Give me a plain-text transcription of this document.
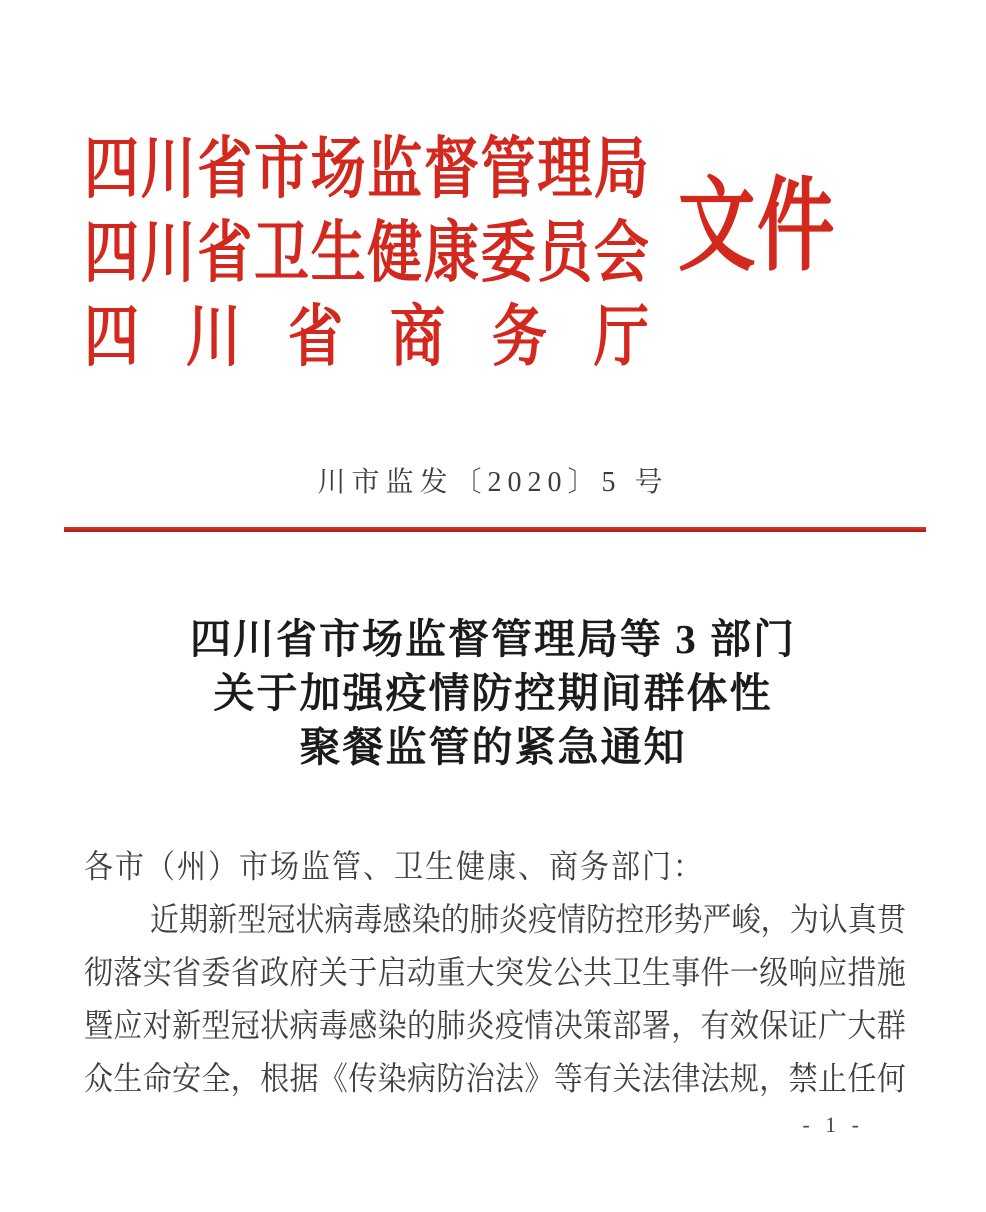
四 川 省 市 场 监 督 管 理 局
四 川 省 卫 生 健 康 委 员 会
四 川 省 商 务 厅
文件
川市监发〔2020〕5 号
四川省市场监督管理局等 3 部门
关于加强疫情防控期间群体性
聚餐监管的紧急通知
各市（州）市场监管、卫生健康、商务部门：
近 期 新 型 冠 状 病 毒 感 染 的 肺 炎 疫 情 防 控 形 势 严 峻 ， 为 认 真 贯
彻 落 实 省 委 省 政 府 关 于 启 动 重 大 突 发 公 共 卫 生 事 件 一 级 响 应 措 施
暨 应 对 新 型 冠 状 病 毒 感 染 的 肺 炎 疫 情 决 策 部 署 ， 有 效 保 证 广 大 群
众 生 命 安 全 ， 根 据 《 传 染 病 防 治 法 》 等 有 关 法 律 法 规 ， 禁 止 任 何
- 1 -
